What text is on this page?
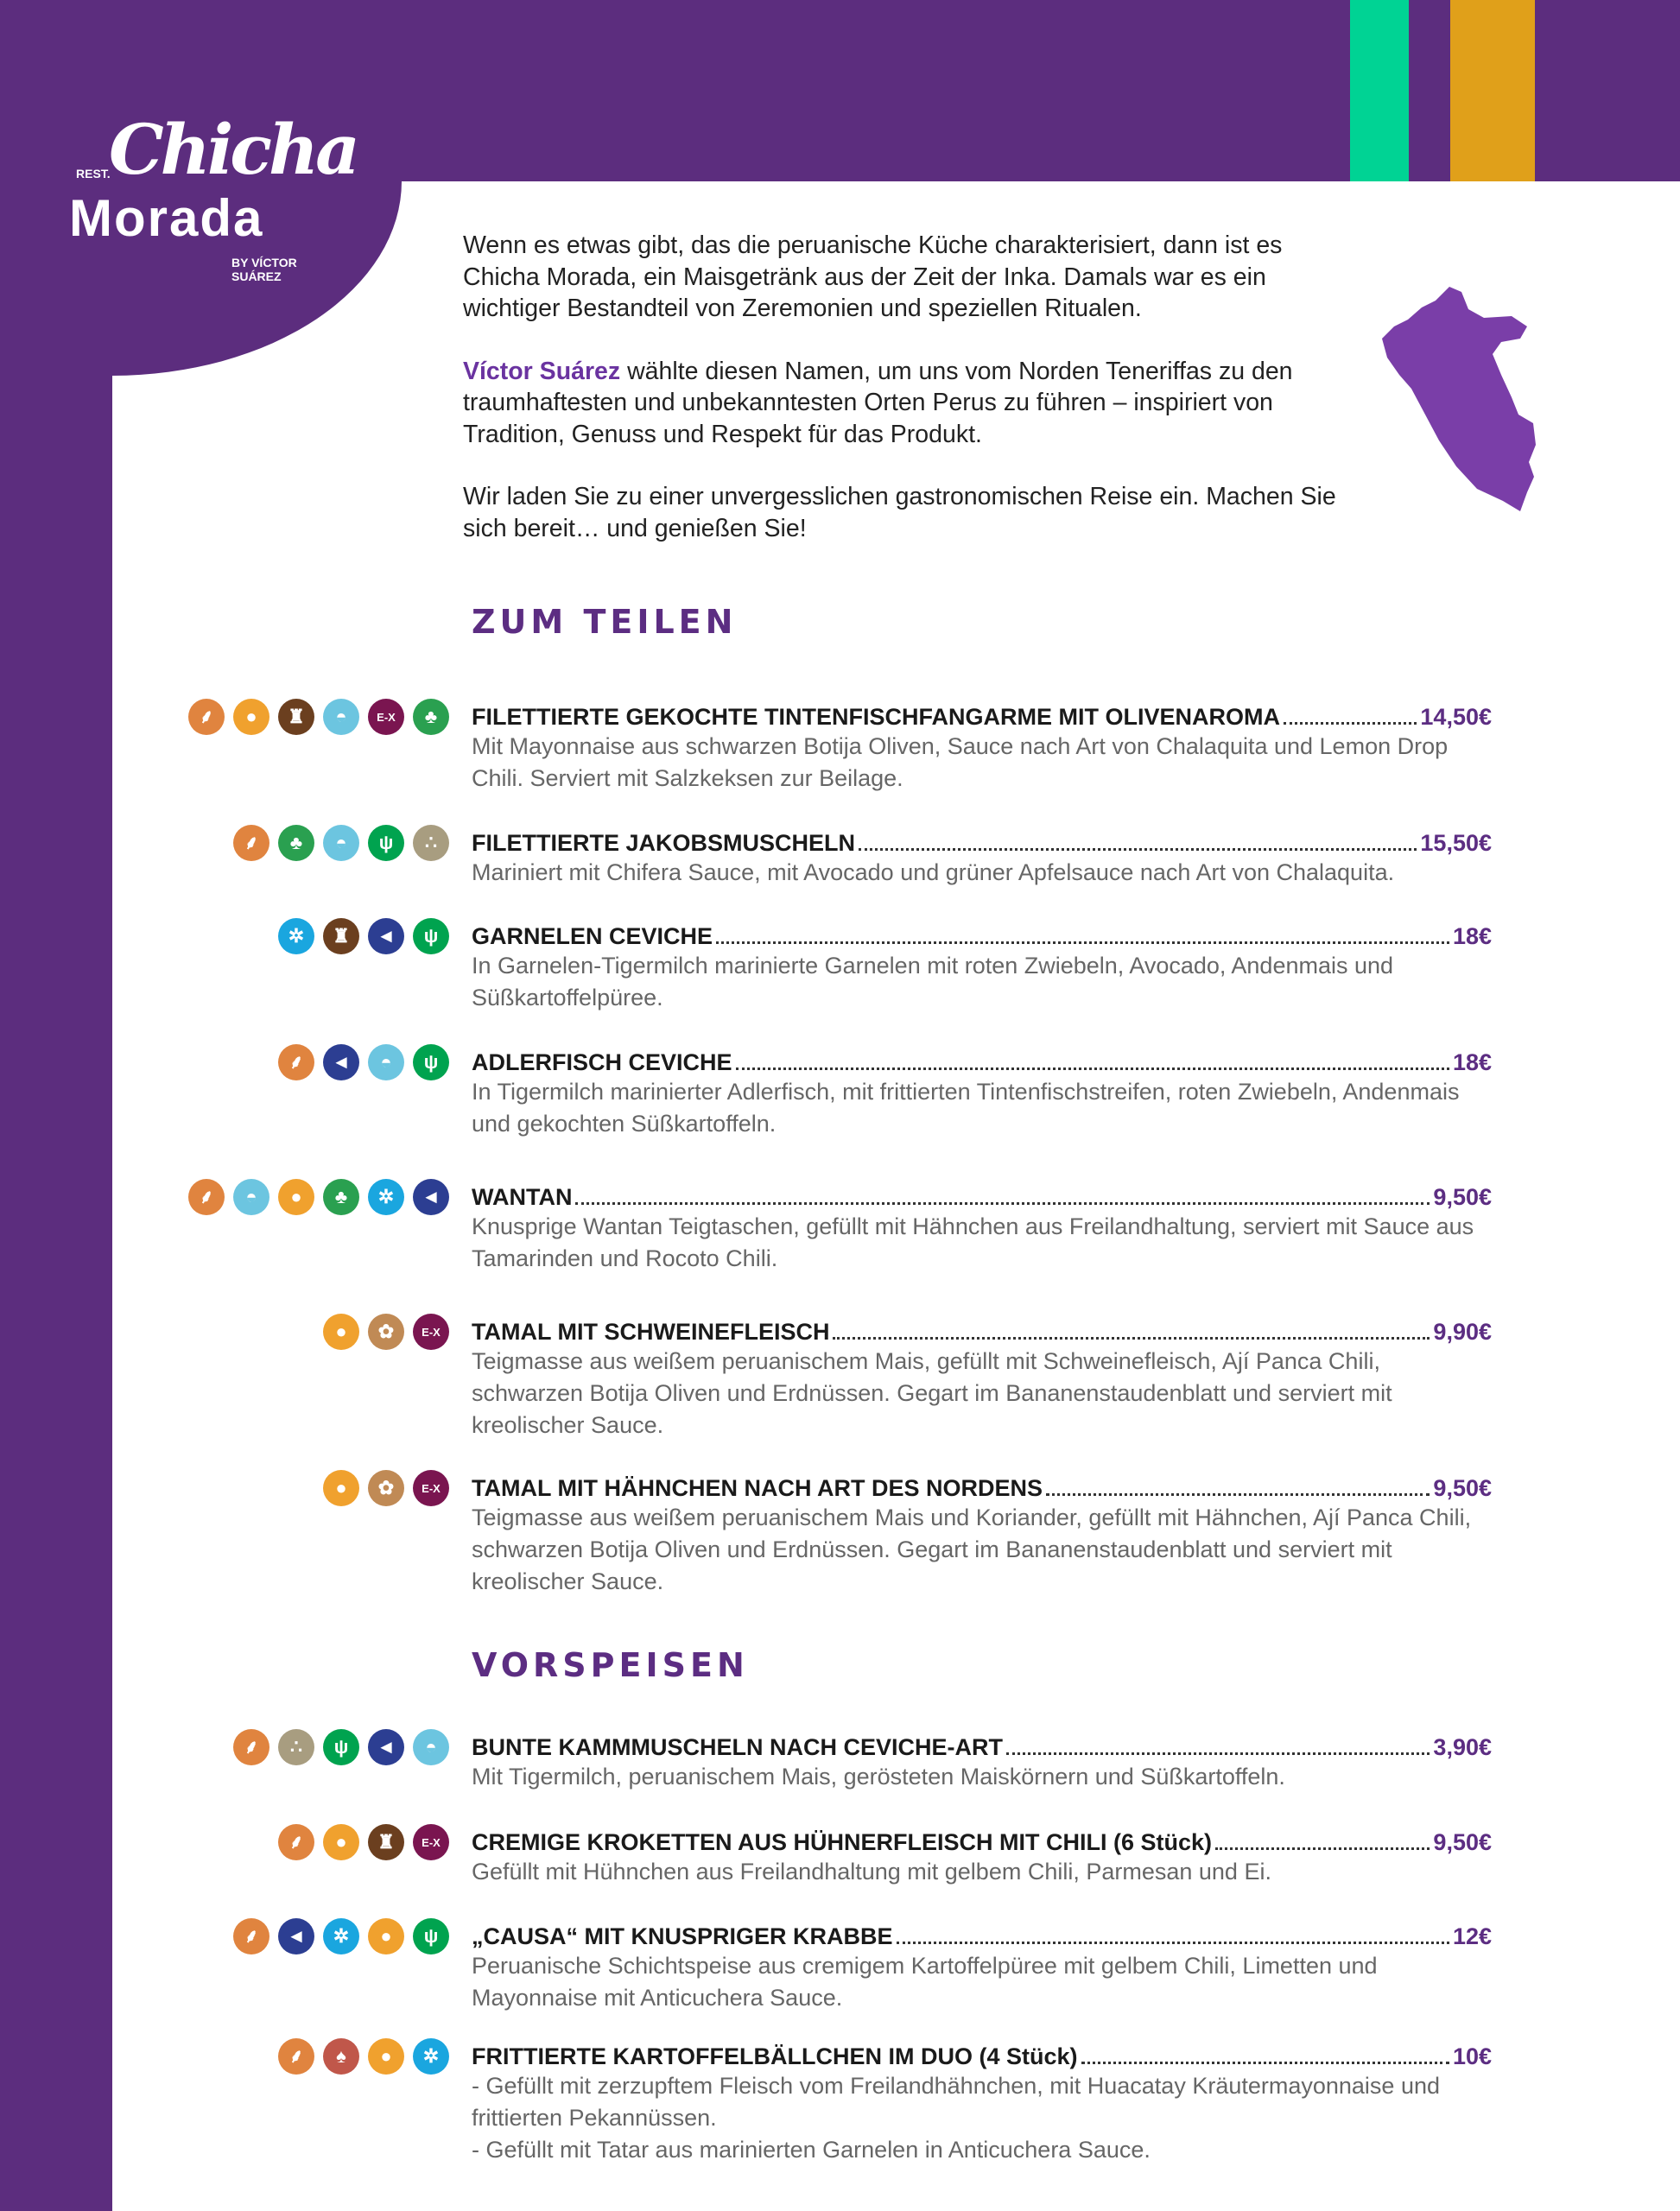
REST.
Chicha
Morada
BY VÍCTOR SUÁREZ

Wenn es etwas gibt, das die peruanische Küche charakterisiert, dann ist es Chicha Morada, ein Maisgetränk aus der Zeit der Inka. Damals war es ein wichtiger Bestandteil von Zeremonien und speziellen Ritualen.

Víctor Suárez wählte diesen Namen, um uns vom Norden Teneriffas zu den traumhaftesten und unbekanntesten Orten Perus zu führen – inspiriert von Tradition, Genuss und Respekt für das Produkt.

Wir laden Sie zu einer unvergesslichen gastronomischen Reise ein. Machen Sie sich bereit… und genießen Sie!

ZUM TEILEN
⸙	●	♜	◓	E-X	♣	FILETTIERTE GEKOCHTE TINTENFISCHFANGARME MIT OLIVENAROMA	14,50€
Mit Mayonnaise aus schwarzen Botija Oliven, Sauce nach Art von Chalaquita und Lemon Drop Chili. Serviert mit Salzkeksen zur Beilage.
⸙	♣	◓	ψ	∴	FILETTIERTE JAKOBSMUSCHELN	15,50€
Mariniert mit Chifera Sauce, mit Avocado und grüner Apfelsauce nach Art von Chalaquita.
✲	♜	◄	ψ	GARNELEN CEVICHE	18€
In Garnelen-Tigermilch marinierte Garnelen mit roten Zwiebeln, Avocado, Andenmais und Süßkartoffelpüree.
⸙	◄	◓	ψ	ADLERFISCH CEVICHE	18€
In Tigermilch marinierter Adlerfisch, mit frittierten Tintenfischstreifen, roten Zwiebeln, Andenmais und gekochten Süßkartoffeln.
⸙	◓	●	♣	✲	◄	WANTAN	9,50€
Knusprige Wantan Teigtaschen, gefüllt mit Hähnchen aus Freilandhaltung, serviert mit Sauce aus Tamarinden und Rocoto Chili.
●	✿	E-X	TAMAL MIT SCHWEINEFLEISCH	9,90€
Teigmasse aus weißem peruanischem Mais, gefüllt mit Schweinefleisch, Ají Panca Chili, schwarzen Botija Oliven und Erdnüssen. Gegart im Bananenstaudenblatt und serviert mit kreolischer Sauce.
●	✿	E-X	TAMAL MIT HÄHNCHEN NACH ART DES NORDENS	9,50€
Teigmasse aus weißem peruanischem Mais und Koriander, gefüllt mit Hähnchen, Ají Panca Chili, schwarzen Botija Oliven und Erdnüssen. Gegart im Bananenstaudenblatt und serviert mit kreolischer Sauce.
VORSPEISEN
⸙	∴	ψ	◄	◓	BUNTE KAMMMUSCHELN NACH CEVICHE-ART	3,90€
Mit Tigermilch, peruanischem Mais, gerösteten Maiskörnern und Süßkartoffeln.
⸙	●	♜	E-X	CREMIGE KROKETTEN AUS HÜHNERFLEISCH MIT CHILI (6 Stück)	9,50€
Gefüllt mit Hühnchen aus Freilandhaltung mit gelbem Chili, Parmesan und Ei.
⸙	◄	✲	●	ψ	„CAUSA“ MIT KNUSPRIGER KRABBE	12€
Peruanische Schichtspeise aus cremigem Kartoffelpüree mit gelbem Chili, Limetten und Mayonnaise mit Anticuchera Sauce.
⸙	♠	●	✲	FRITTIERTE KARTOFFELBÄLLCHEN IM DUO (4 Stück)	10€
- Gefüllt mit zerzupftem Fleisch vom Freilandhähnchen, mit Huacatay Kräutermayonnaise und frittierten Pekannüssen.
- Gefüllt mit Tatar aus marinierten Garnelen in Anticuchera Sauce.
